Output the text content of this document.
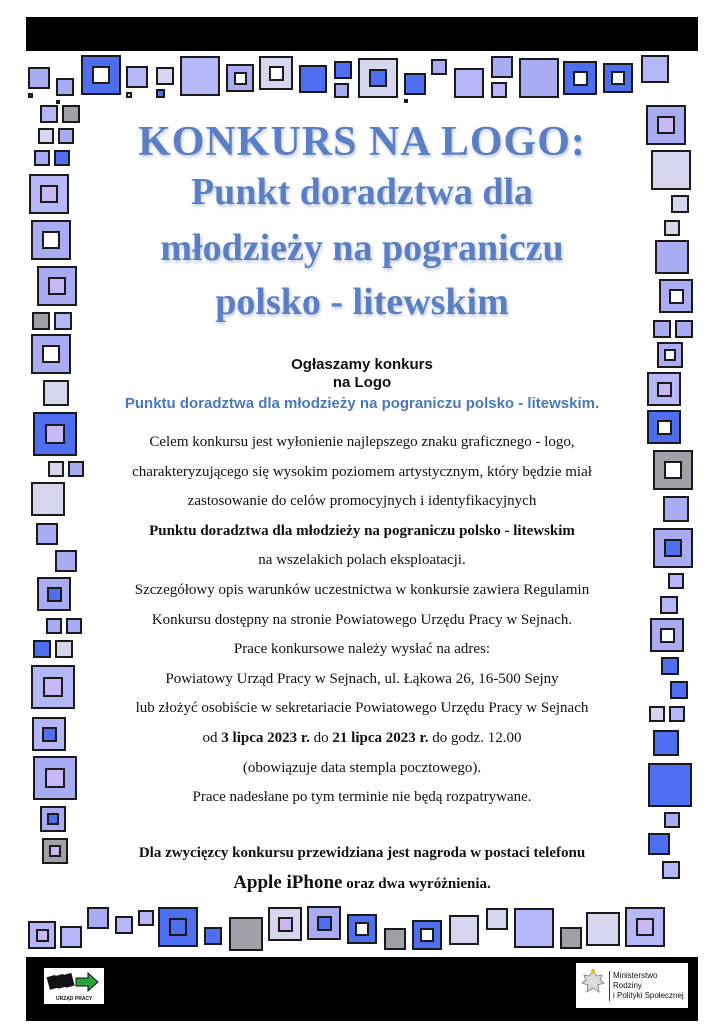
KONKURS NA LOGO:
Punkt doradztwa dla
młodzieży na pograniczu
polsko - litewskim
Ogłaszamy konkurs
na Logo
Punktu doradztwa dla młodzieży na pograniczu polsko - litewskim.

Celem konkursu jest wyłonienie najlepszego znaku graficznego - logo,

charakteryzującego się wysokim poziomem artystycznym, który będzie miał

zastosowanie do celów promocyjnych i identyfikacyjnych

Punktu doradztwa dla młodzieży na pograniczu polsko - litewskim

na wszelakich polach eksploatacji.

Szczegółowy opis warunków uczestnictwa w konkursie zawiera Regulamin

Konkursu dostępny na stronie Powiatowego Urzędu Pracy w Sejnach.

Prace konkursowe należy wysłać na adres:

Powiatowy Urząd Pracy w Sejnach, ul. Łąkowa 26, 16-500 Sejny

lub złożyć osobiście w sekretariacie Powiatowego Urzędu Pracy w Sejnach

od 3 lipca 2023 r. do 21 lipca 2023 r. do godz. 12.00

(obowiązuje data stempla pocztowego).

Prace nadesłane po tym terminie nie będą rozpatrywane.

Dla zwycięzcy konkursu przewidziana jest nagroda w postaci telefonu
Apple iPhone oraz dwa wyróżnienia.
URZĄD PRACY
Ministerstwo Rodziny
i Polityki Społecznej
